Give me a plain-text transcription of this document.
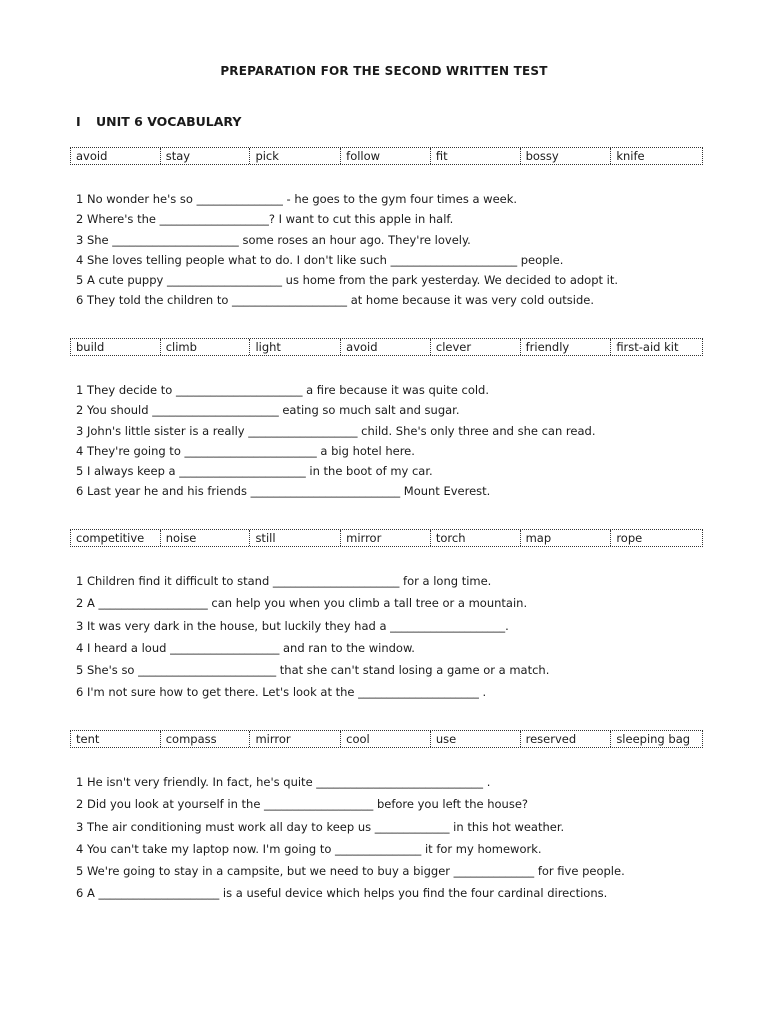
PREPARATION FOR THE SECOND WRITTEN TEST
I UNIT 6 VOCABULARY
avoid	stay	pick	follow	fit	bossy	knife
1 No wonder he's so _______________ - he goes to the gym four times a week.
2 Where's the ___________________? I want to cut this apple in half.
3 She ______________________ some roses an hour ago. They're lovely.
4 She loves telling people what to do. I don't like such ______________________ people.
5 A cute puppy ____________________ us home from the park yesterday. We decided to adopt it.
6 They told the children to ____________________ at home because it was very cold outside.
build	climb	light	avoid	clever	friendly	first-aid kit
1 They decide to ______________________ a fire because it was quite cold.
2 You should ______________________ eating so much salt and sugar.
3 John's little sister is a really ___________________ child. She's only three and she can read.
4 They're going to _______________________ a big hotel here.
5 I always keep a ______________________ in the boot of my car.
6 Last year he and his friends __________________________ Mount Everest.
competitive	noise	still	mirror	torch	map	rope
1 Children find it difficult to stand ______________________ for a long time.
2 A ___________________ can help you when you climb a tall tree or a mountain.
3 It was very dark in the house, but luckily they had a ____________________.
4 I heard a loud ___________________ and ran to the window.
5 She's so ________________________ that she can't stand losing a game or a match.
6 I'm not sure how to get there. Let's look at the _____________________ .
tent	compass	mirror	cool	use	reserved	sleeping bag
1 He isn't very friendly. In fact, he's quite _____________________________ .
2 Did you look at yourself in the ___________________ before you left the house?
3 The air conditioning must work all day to keep us _____________ in this hot weather.
4 You can't take my laptop now. I'm going to _______________ it for my homework.
5 We're going to stay in a campsite, but we need to buy a bigger ______________ for five people.
6 A _____________________ is a useful device which helps you find the four cardinal directions.
